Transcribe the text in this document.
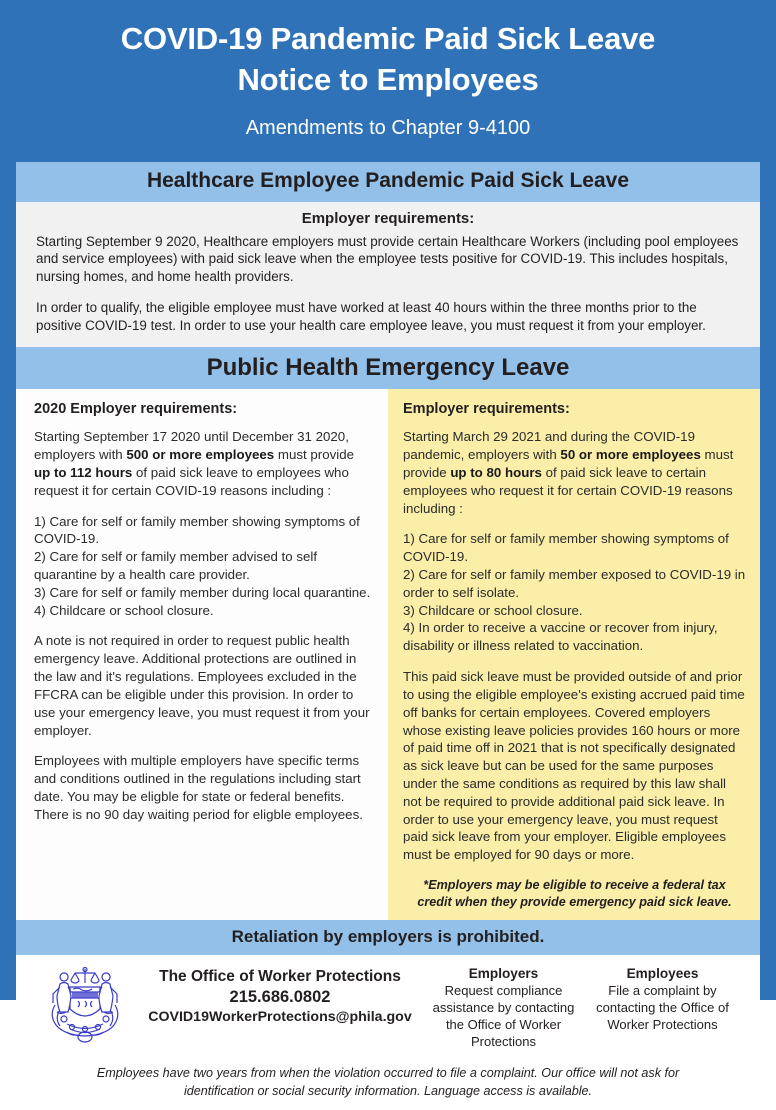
COVID-19 Pandemic Paid Sick Leave
Notice to Employees
Amendments to Chapter 9-4100
Healthcare Employee Pandemic Paid Sick Leave
Employer requirements:

Starting September 9 2020, Healthcare employers must provide certain Healthcare Workers (including pool employees and service employees) with paid sick leave when the employee tests positive for COVID-19. This includes hospitals, nursing homes, and home health providers.

In order to qualify, the eligible employee must have worked at least 40 hours within the three months prior to the positive COVID-19 test. In order to use your health care employee leave, you must request it from your employer.

Public Health Emergency Leave
2020 Employer requirements:

Starting September 17 2020 until December 31 2020, employers with 500 or more employees must provide up to 112 hours of paid sick leave to employees who request it for certain COVID-19 reasons including :

1) Care for self or family member showing symptoms of COVID-19.
2) Care for self or family member advised to self quarantine by a health care provider.
3) Care for self or family member during local quarantine.
4) Childcare or school closure.

A note is not required in order to request public health emergency leave. Additional protections are outlined in the law and it's regulations. Employees excluded in the FFCRA can be eligible under this provision. In order to use your emergency leave, you must request it from your employer.

Employees with multiple employers have specific terms and conditions outlined in the regulations including start date. You may be eligble for state or federal benefits. There is no 90 day waiting period for eligble employees.

Employer requirements:

Starting March 29 2021 and during the COVID-19 pandemic, employers with 50 or more employees must provide up to 80 hours of paid sick leave to certain employees who request it for certain COVID-19 reasons including :

1) Care for self or family member showing symptoms of COVID-19.
2) Care for self or family member exposed to COVID-19 in order to self isolate.
3) Childcare or school closure.
4) In order to receive a vaccine or recover from injury, disability or illness related to vaccination.

This paid sick leave must be provided outside of and prior to using the eligible employee's existing accrued paid time off banks for certain employees. Covered employers whose existing leave policies provides 160 hours or more of paid time off in 2021 that is not specifically designated as sick leave but can be used for the same purposes under the same conditions as required by this law shall not be required to provide additional paid sick leave. In order to use your emergency leave, you must request paid sick leave from your employer. Eligible employees must be employed for 90 days or more.

*Employers may be eligible to receive a federal tax credit when they provide emergency paid sick leave.
Retaliation by employers is prohibited.
The Office of Worker Protections
215.686.0802
COVID19WorkerProtections@phila.gov
Employers
Request compliance assistance by contacting the Office of Worker Protections
Employees
File a complaint by contacting the Office of Worker Protections
Employees have two years from when the violation occurred to file a complaint. Our office will not ask for identification or social security information. Language access is available.
